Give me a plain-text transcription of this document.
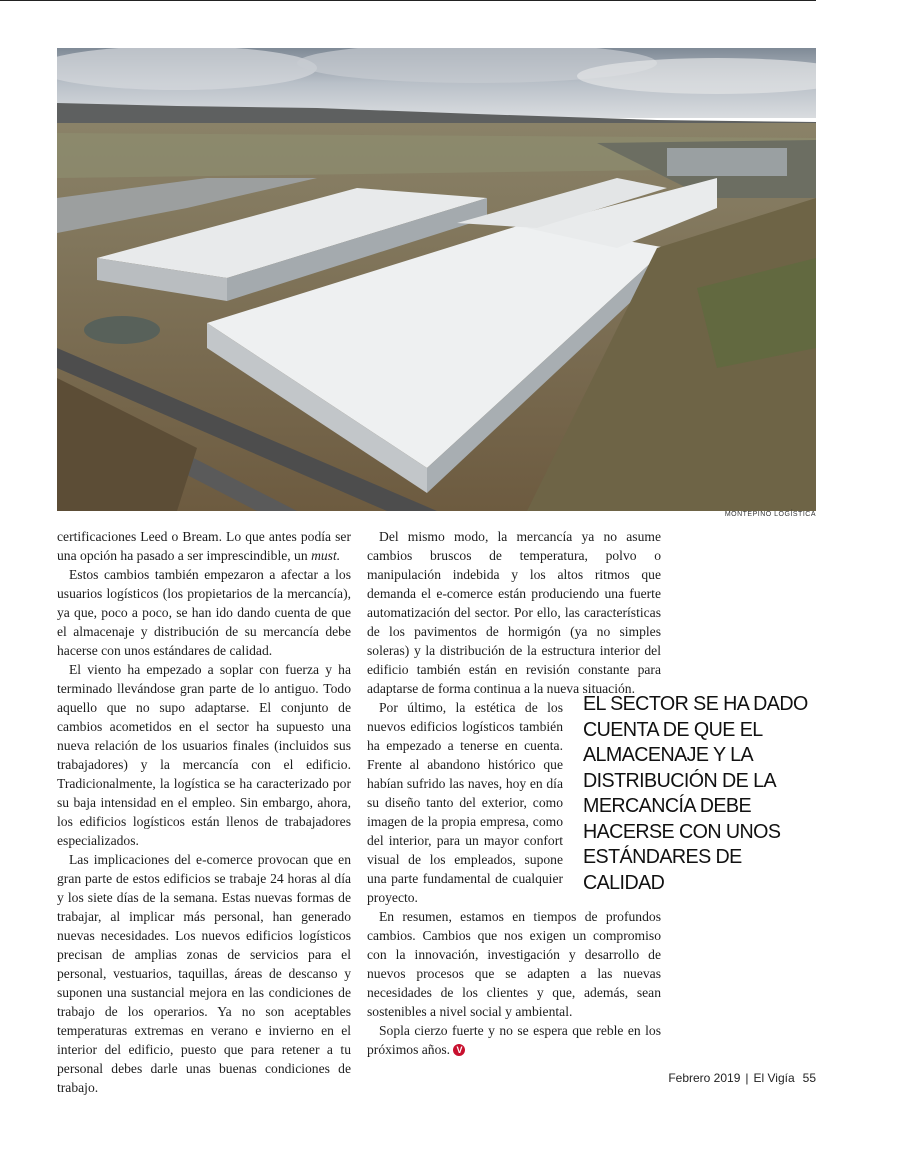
MONTEPINO LOGÍSTICA

certificaciones Leed o Bream. Lo que antes podía ser una opción ha pasado a ser imprescindible, un must.

Estos cambios también empezaron a afectar a los usuarios logísticos (los propietarios de la mercancía), ya que, poco a poco, se han ido dando cuenta de que el almacenaje y distribución de su mercancía debe hacerse con unos estándares de calidad.

El viento ha empezado a soplar con fuerza y ha terminado llevándose gran parte de lo antiguo. Todo aquello que no supo adaptarse. El conjunto de cambios acometidos en el sector ha supuesto una nueva relación de los usuarios finales (incluidos sus trabajadores) y la mercancía con el edificio. Tradicionalmente, la logística se ha caracterizado por su baja intensidad en el empleo. Sin embargo, ahora, los edificios logísticos están llenos de trabajadores especializados.

Las implicaciones del e-comerce provocan que en gran parte de estos edificios se trabaje 24 horas al día y los siete días de la semana. Estas nuevas formas de trabajar, al implicar más personal, han generado nuevas necesidades. Los nuevos edificios logísticos precisan de amplias zonas de servicios para el personal, vestuarios, taquillas, áreas de descanso y suponen una sustancial mejora en las condiciones de trabajo de los operarios. Ya no son aceptables temperaturas extremas en verano e invierno en el interior del edificio, puesto que para retener a tu personal debes darle unas buenas condiciones de trabajo.

Del mismo modo, la mercancía ya no asume cambios bruscos de temperatura, polvo o manipulación indebida y los altos ritmos que demanda el e-comerce están produciendo una fuerte automatización del sector. Por ello, las características de los pavimentos de hormigón (ya no simples soleras) y la distribución de la estructura interior del edificio también están en revisión constante para adaptarse de forma continua a la nueva situación.

Por último, la estética de los nuevos edificios logísticos también ha empezado a tenerse en cuenta. Frente al abandono histórico que habían sufrido las naves, hoy en día su diseño tanto del exterior, como imagen de la propia empresa, como del interior, para un mayor confort visual de los empleados, supone una parte fundamental de cualquier proyecto.

En resumen, estamos en tiempos de profundos cambios. Cambios que nos exigen un compromiso con la innovación, investigación y desarrollo de nuevos procesos que se adapten a las nuevas necesidades de los clientes y que, además, sean sostenibles a nivel social y ambiental.

Sopla cierzo fuerte y no se espera que reble en los próximos años. V

EL SECTOR SE HA DADO CUENTA DE QUE EL ALMACENAJE Y LA DISTRIBUCIÓN DE LA MERCANCÍA DEBE HACERSE CON UNOS ESTÁNDARES DE CALIDAD
Febrero 2019 | El Vigía 55
